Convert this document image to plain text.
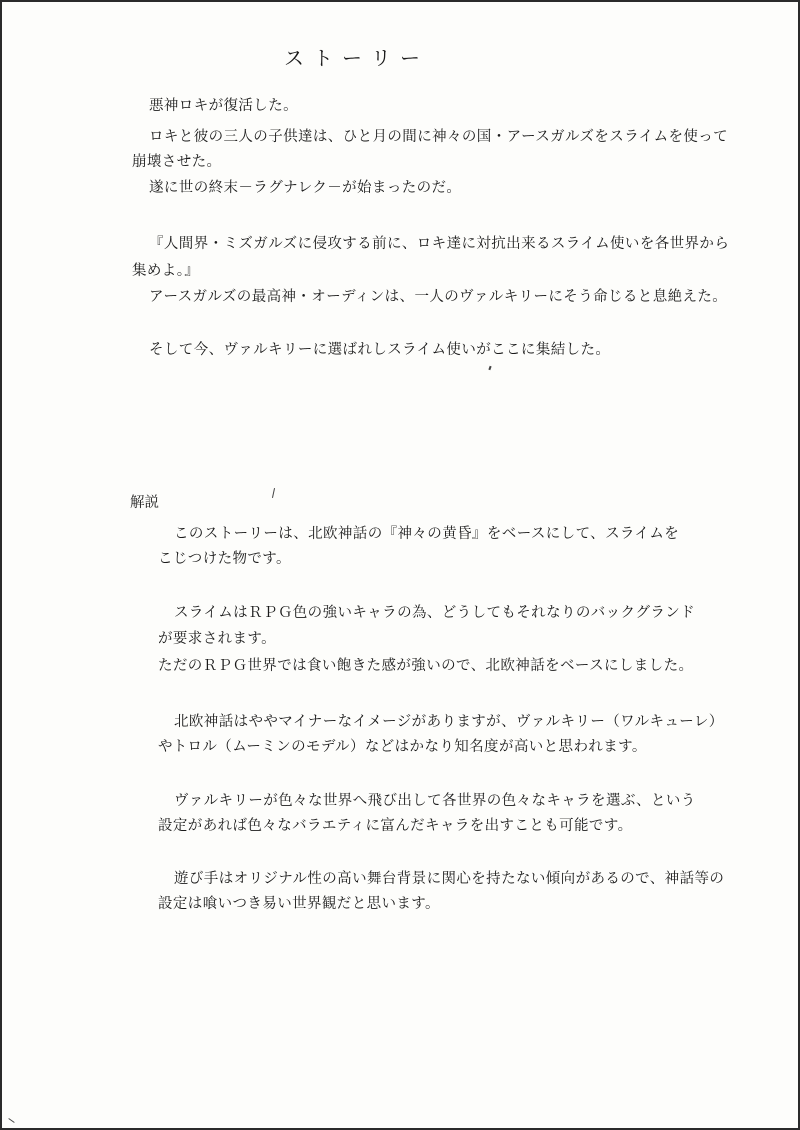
ストーリー
悪神ロキが復活した。
ロキと彼の三人の子供達は、ひと月の間に神々の国・アースガルズをスライムを使って
崩壊させた。
遂に世の終末－ラグナレク－が始まったのだ。
『人間界・ミズガルズに侵攻する前に、ロキ達に対抗出来るスライム使いを各世界から
集めよ。』
アースガルズの最高神・オーディンは、一人のヴァルキリーにそう命じると息絶えた。
そして今、ヴァルキリーに選ばれしスライム使いがここに集結した。
解説
このストーリーは、北欧神話の『神々の黄昏』をベースにして、スライムを
こじつけた物です。
スライムはＲＰＧ色の強いキャラの為、どうしてもそれなりのバックグランド
が要求されます。
ただのＲＰＧ世界では食い飽きた感が強いので、北欧神話をベースにしました。
北欧神話はややマイナーなイメージがありますが、ヴァルキリー（ワルキューレ）
やトロル（ムーミンのモデル）などはかなり知名度が高いと思われます。
ヴァルキリーが色々な世界へ飛び出して各世界の色々なキャラを選ぶ、という
設定があれば色々なバラエティに富んだキャラを出すことも可能です。
遊び手はオリジナル性の高い舞台背景に関心を持たない傾向があるので、神話等の
設定は喰いつき易い世界観だと思います。
